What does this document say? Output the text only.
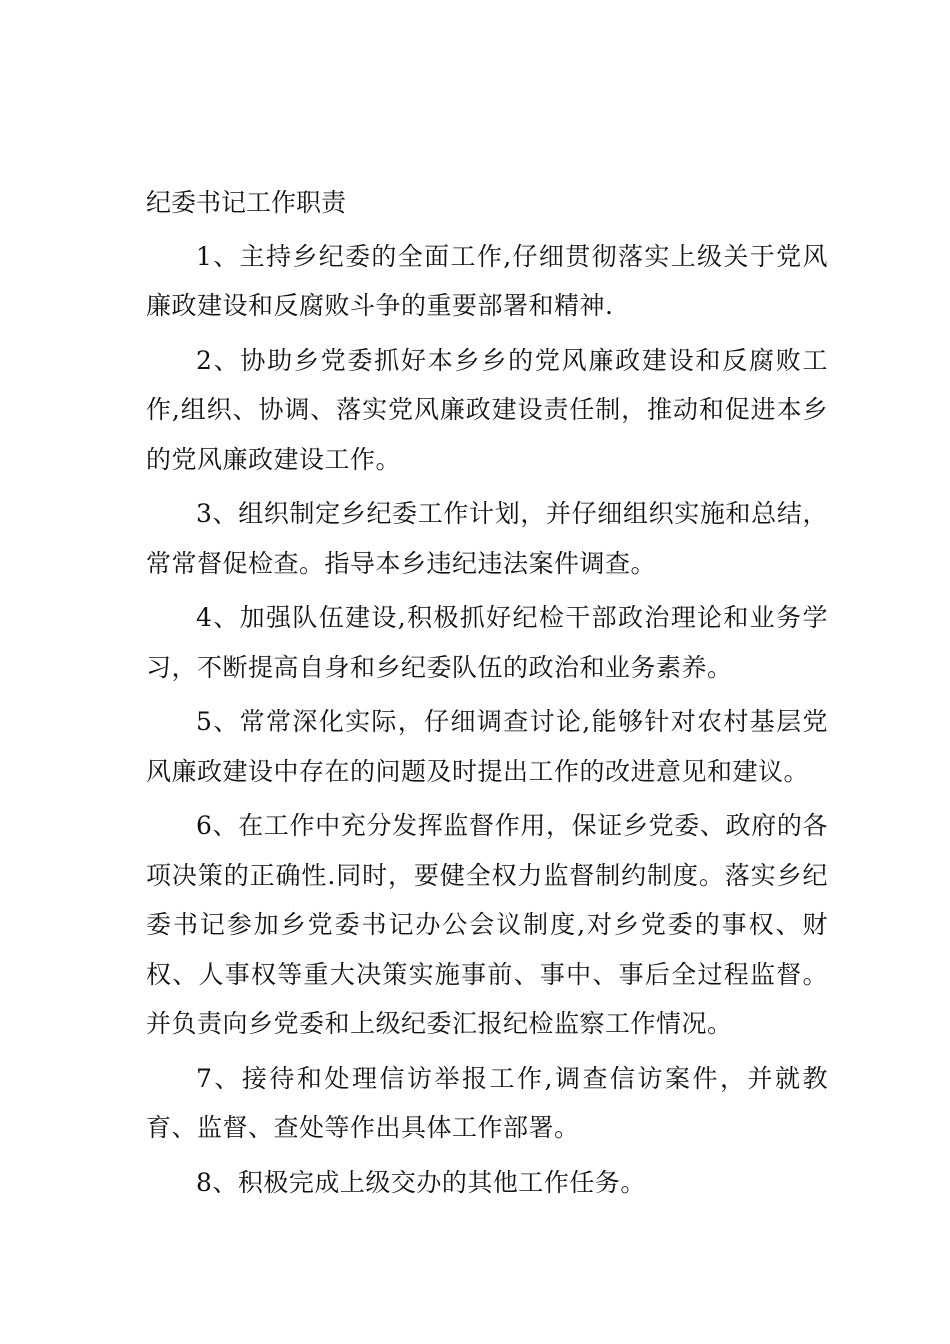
纪委书记工作职责

1、主持乡纪委的全面工作,仔细贯彻落实上级关于党风廉政建设和反腐败斗争的重要部署和精神.

2、协助乡党委抓好本乡乡的党风廉政建设和反腐败工作,组织、协调、落实党风廉政建设责任制，推动和促进本乡的党风廉政建设工作。

3、组织制定乡纪委工作计划，并仔细组织实施和总结，常常督促检查。指导本乡违纪违法案件调查。

4、加强队伍建设,积极抓好纪检干部政治理论和业务学习，不断提高自身和乡纪委队伍的政治和业务素养。

5、常常深化实际，仔细调查讨论,能够针对农村基层党风廉政建设中存在的问题及时提出工作的改进意见和建议。

6、在工作中充分发挥监督作用，保证乡党委、政府的各项决策的正确性.同时，要健全权力监督制约制度。落实乡纪委书记参加乡党委书记办公会议制度,对乡党委的事权、财权、人事权等重大决策实施事前、事中、事后全过程监督。并负责向乡党委和上级纪委汇报纪检监察工作情况。

7、接待和处理信访举报工作,调查信访案件，并就教育、监督、查处等作出具体工作部署。

8、积极完成上级交办的其他工作任务。
